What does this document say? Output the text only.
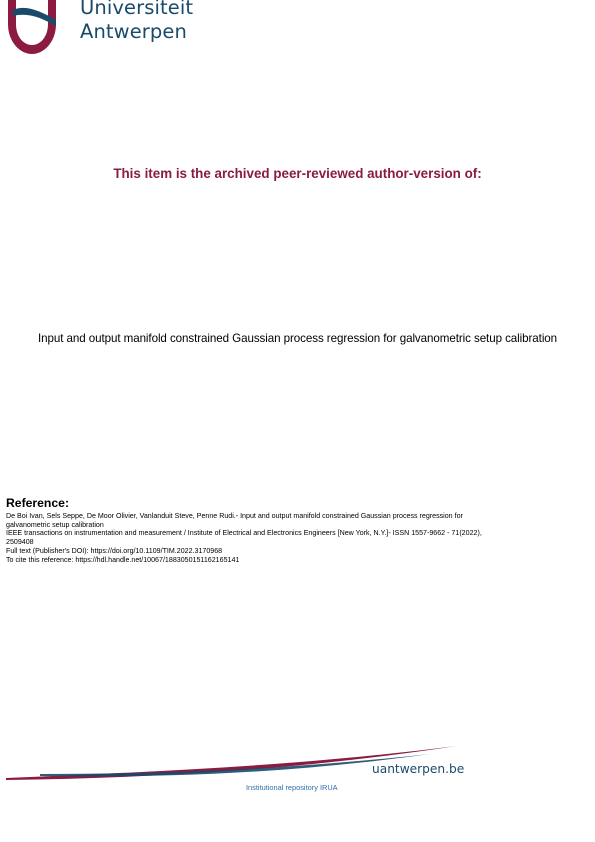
Universiteit
Antwerpen
This item is the archived peer-reviewed author-version of:
Input and output manifold constrained Gaussian process regression for galvanometric setup calibration
Reference:
De Boi Ivan, Sels Seppe, De Moor Olivier, Vanlanduit Steve, Penne Rudi.- Input and output manifold constrained Gaussian process regression for
galvanometric setup calibration
IEEE transactions on instrumentation and measurement / Institute of Electrical and Electronics Engineers [New York, N.Y.]- ISSN 1557-9662 - 71(2022),
2509408
Full text (Publisher's DOI): https://doi.org/10.1109/TIM.2022.3170968
To cite this reference: https://hdl.handle.net/10067/1883050151162165141
uantwerpen.be
Institutional repository IRUA
